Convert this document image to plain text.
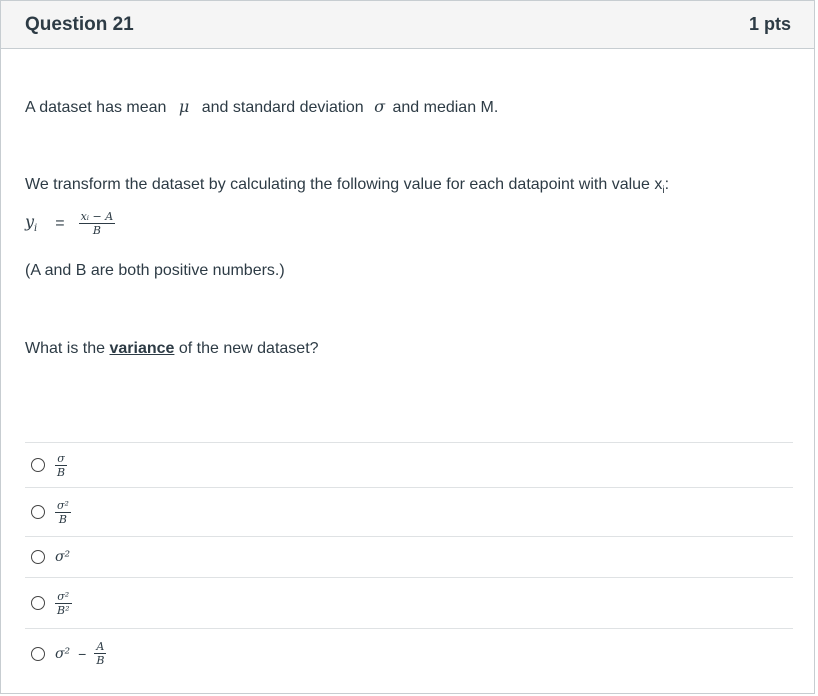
Question 21	1 pts
A dataset has mean μ and standard deviation σ and median M.
We transform the dataset by calculating the following value for each datapoint with value $x_i$:
$y_i = \frac{\text{xᵢ − A}}{B}$
(A and B are both positive numbers.)
What is the variance of the new dataset?
$\frac{\sigma}{B}$
$\frac{\text{σ²}}{B}$
σ²
$\frac{\text{σ²}}{\text{B²}}$
$\sigma^2 - \frac{A}{B}$
